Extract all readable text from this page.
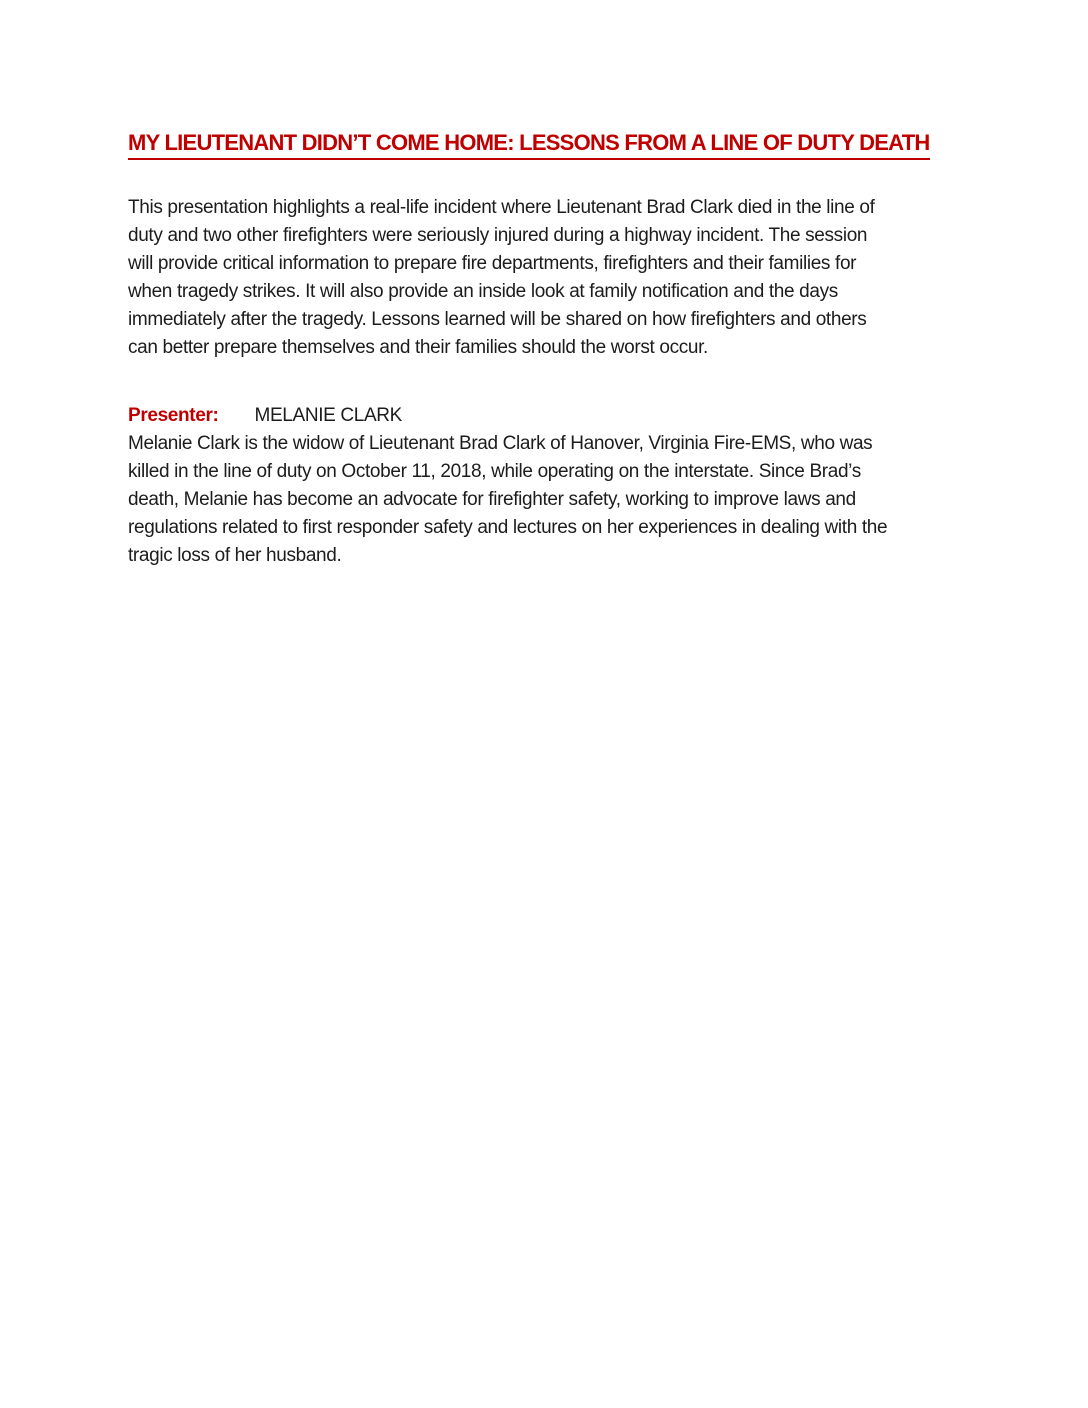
MY LIEUTENANT DIDN’T COME HOME: LESSONS FROM A LINE OF DUTY DEATH
This presentation highlights a real-life incident where Lieutenant Brad Clark died in the line of
duty and two other firefighters were seriously injured during a highway incident. The session
will provide critical information to prepare fire departments, firefighters and their families for
when tragedy strikes. It will also provide an inside look at family notification and the days
immediately after the tragedy. Lessons learned will be shared on how firefighters and others
can better prepare themselves and their families should the worst occur.
Presenter: MELANIE CLARK
Melanie Clark is the widow of Lieutenant Brad Clark of Hanover, Virginia Fire-EMS, who was
killed in the line of duty on October 11, 2018, while operating on the interstate. Since Brad’s
death, Melanie has become an advocate for firefighter safety, working to improve laws and
regulations related to first responder safety and lectures on her experiences in dealing with the
tragic loss of her husband.
